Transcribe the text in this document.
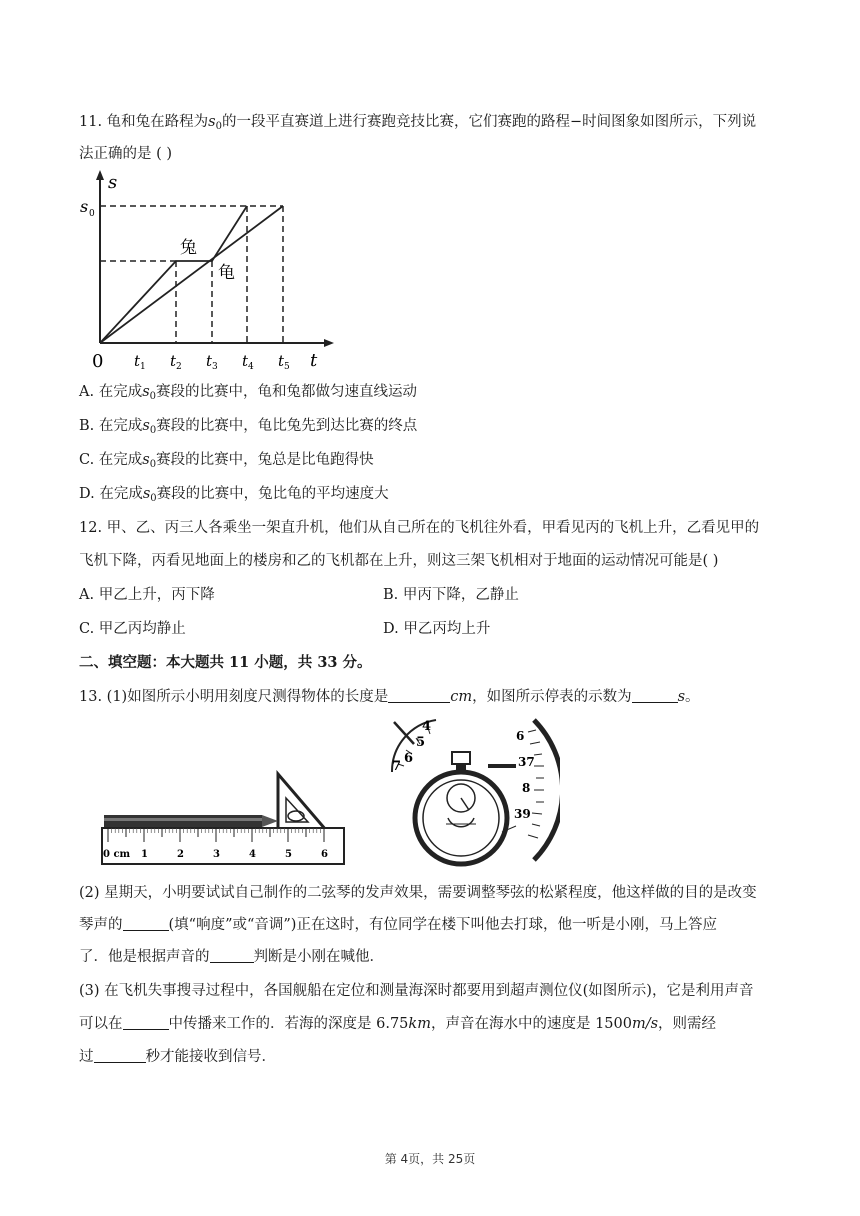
11. 龟和兔在路程为$s_0$的一段平直赛道上进行赛跑竞技比赛，它们赛跑的路程−时间图象如图所示，下列说
法正确的是 ( )
s
s 0
0	t
兔
龟
t 1 t 2 t 3 t 4 t 5
A. 在完成$s_0$赛段的比赛中，龟和兔都做匀速直线运动
B. 在完成$s_0$赛段的比赛中，龟比兔先到达比赛的终点
C. 在完成$s_0$赛段的比赛中，兔总是比龟跑得快
D. 在完成$s_0$赛段的比赛中，兔比龟的平均速度大
12. 甲、乙、丙三人各乘坐一架直升机，他们从自己所在的飞机往外看，甲看见丙的飞机上升，乙看见甲的
飞机下降，丙看见地面上的楼房和乙的飞机都在上升，则这三架飞机相对于地面的运动情况可能是( )
A. 甲乙上升，丙下降	B. 甲丙下降，乙静止
C. 甲乙丙均静止	D. 甲乙丙均上升
二、填空题：本大题共 11 小题，共 33 分。
13. (1)如图所示小明用刻度尺测得物体的长度是	cm，如图所示停表的示数为	s。
0 cm 1	2	3	4	5	6
4
5
6
7
6
37
8
39
(2) 星期天，小明要试试自己制作的二弦琴的发声效果，需要调整琴弦的松紧程度，他这样做的目的是改变
琴声的	(填“响度”或“音调”)正在这时，有位同学在楼下叫他去打球，他一听是小刚，马上答应
了．他是根据声音的	判断是小刚在喊他．
(3) 在飞机失事搜寻过程中，各国舰船在定位和测量海深时都要用到超声测位仪(如图所示)，它是利用声音
可以在	中传播来工作的．若海的深度是 6.75km，声音在海水中的速度是 1500m/s，则需经
过	秒才能接收到信号．
第 4页，共 25页
